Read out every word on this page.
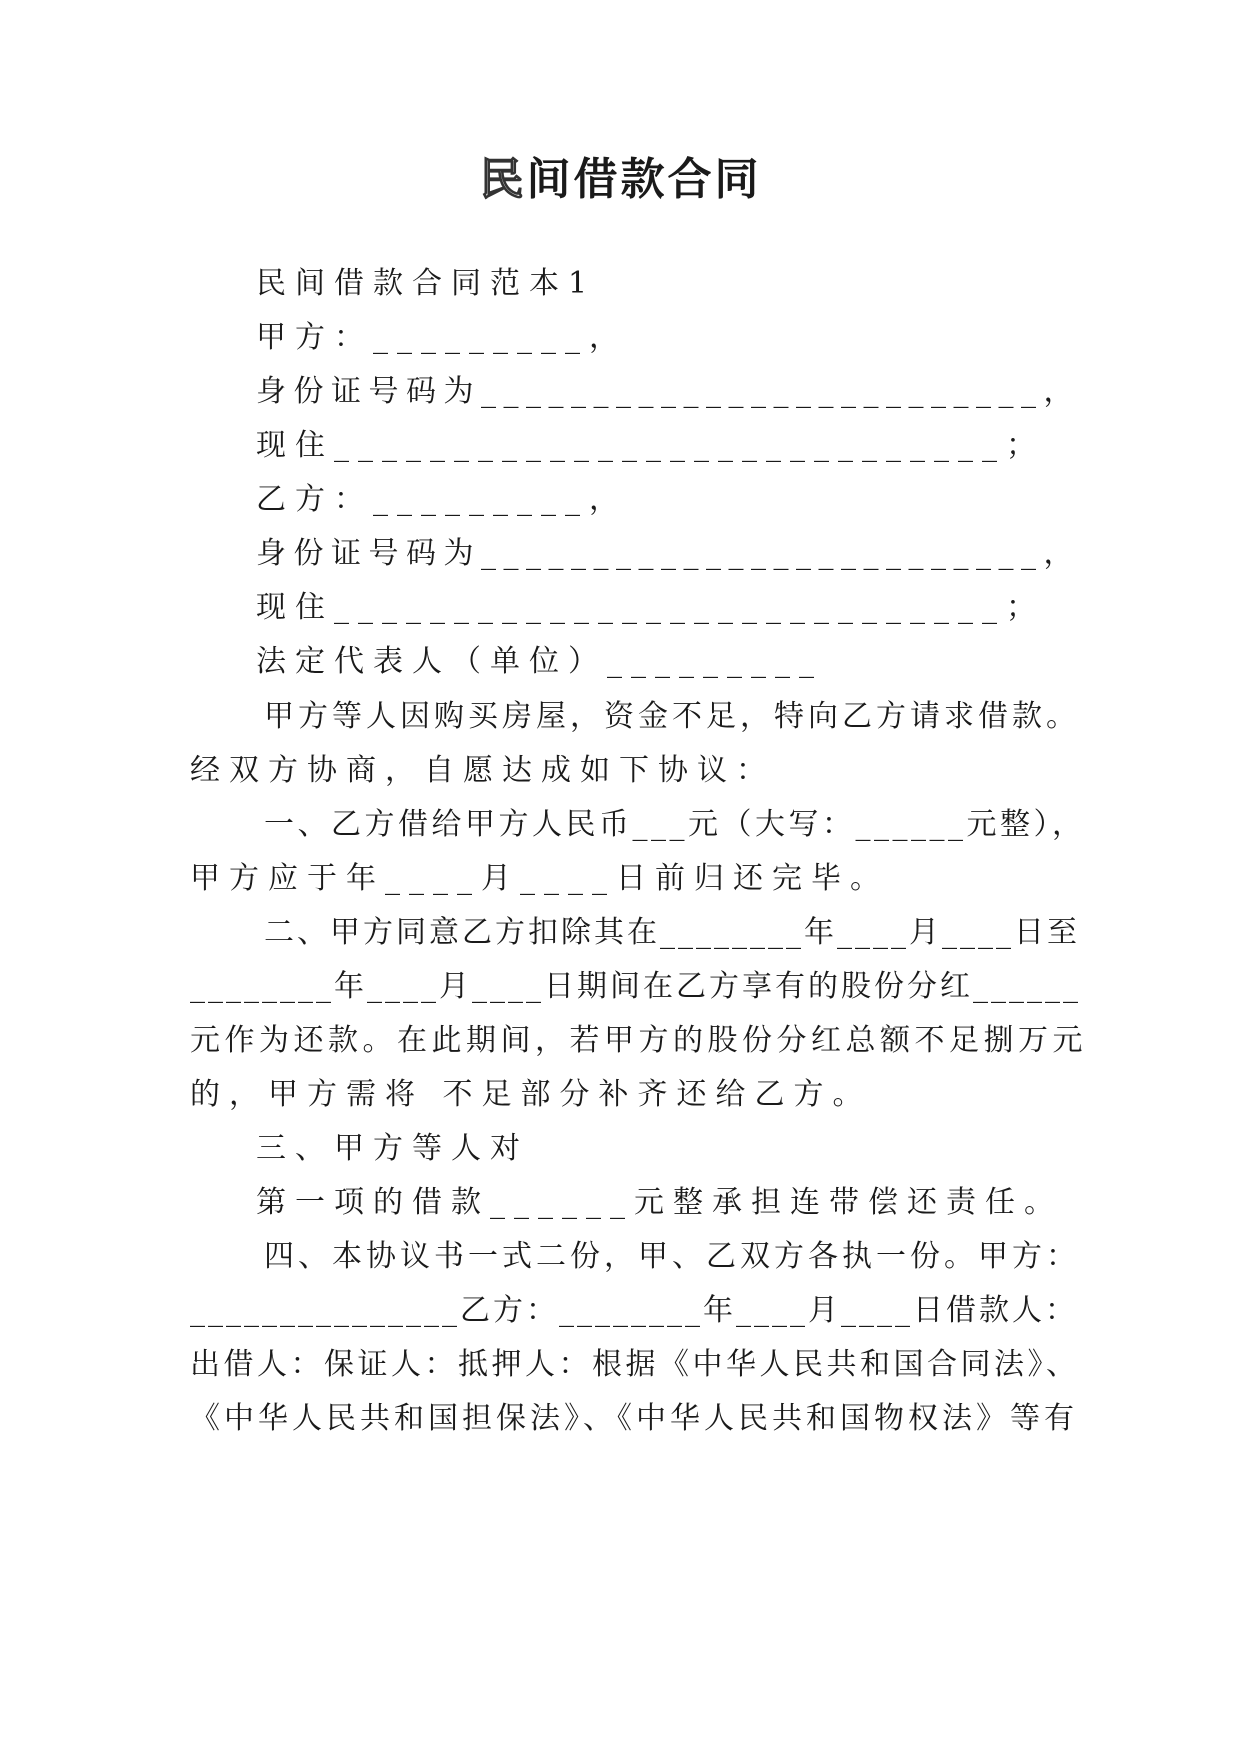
民间借款合同
民间借款合同范本1
甲方：_________，
身份证号码为_________________________，
现住____________________________；
乙方：_________，
身份证号码为_________________________，
现住____________________________；
法定代表人（单位）_________
甲方等人因购买房屋，资金不足，特向乙方请求借款。
经双方协商，自愿达成如下协议：
一、乙方借给甲方人民币___元（大写：______元整），
甲方应于年____月____日前归还完毕。
二、甲方同意乙方扣除其在________年____月____日至
________年____月____日期间在乙方享有的股份分红______
元作为还款。在此期间，若甲方的股份分红总额不足捌万元
的，甲方需将 不足部分补齐还给乙方。
三、甲方等人对
第一项的借款______元整承担连带偿还责任。
四、本协议书一式二份，甲、乙双方各执一份。甲方：
_______________乙方：________年____月____日借款人：
出借人：保证人：抵押人：根据《中华人民共和国合同法》、
《中华人民共和国担保法》、《中华人民共和国物权法》等有
